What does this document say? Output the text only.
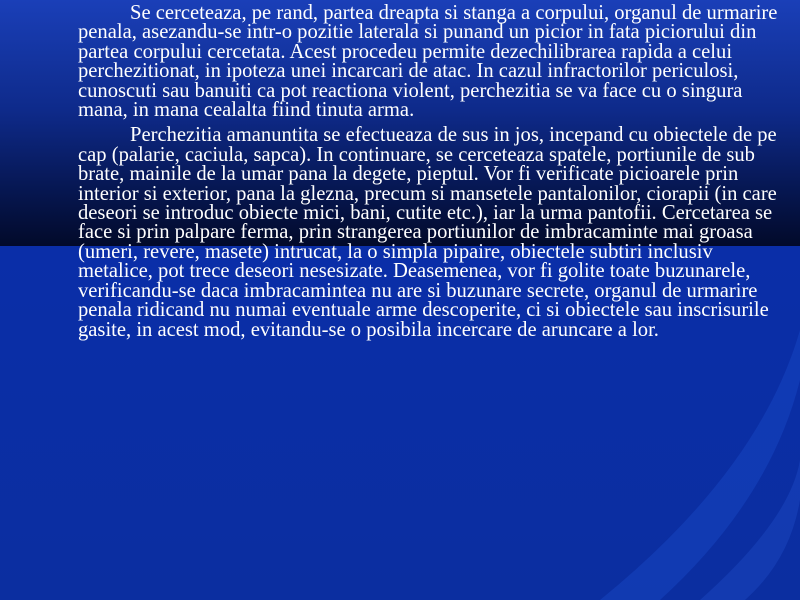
Se cerceteaza, pe rand, partea dreapta si stanga a corpului, organul de urmarire penala, asezandu-se intr-o pozitie laterala si punand un picior in fata piciorului din partea corpului cercetata. Acest procedeu permite dezechilibrarea rapida a celui perchezitionat, in ipoteza unei incarcari de atac. In cazul infractorilor periculosi, cunoscuti sau banuiti ca pot reactiona violent, perchezitia se va face cu o singura mana, in mana cealalta fiind tinuta arma.

Perchezitia amanuntita se efectueaza de sus in jos, incepand cu obiectele de pe cap (palarie, caciula, sapca). In continuare, se cerceteaza spatele, portiunile de sub brate, mainile de la umar pana la degete, pieptul. Vor fi verificate picioarele prin interior si exterior, pana la glezna, precum si mansetele pantalonilor, ciorapii (in care deseori se introduc obiecte mici, bani, cutite etc.), iar la urma pantofii. Cercetarea se face si prin palpare ferma, prin strangerea portiunilor de imbracaminte mai groasa (umeri, revere, masete) intrucat, la o simpla pipaire, obiectele subtiri inclusiv metalice, pot trece deseori nesesizate. Deasemenea, vor fi golite toate buzunarele, verificandu-se daca imbracamintea nu are si buzunare secrete, organul de urmarire penala ridicand nu numai eventuale arme descoperite, ci si obiectele sau inscrisurile gasite, in acest mod, evitandu-se o posibila incercare de aruncare a lor.
